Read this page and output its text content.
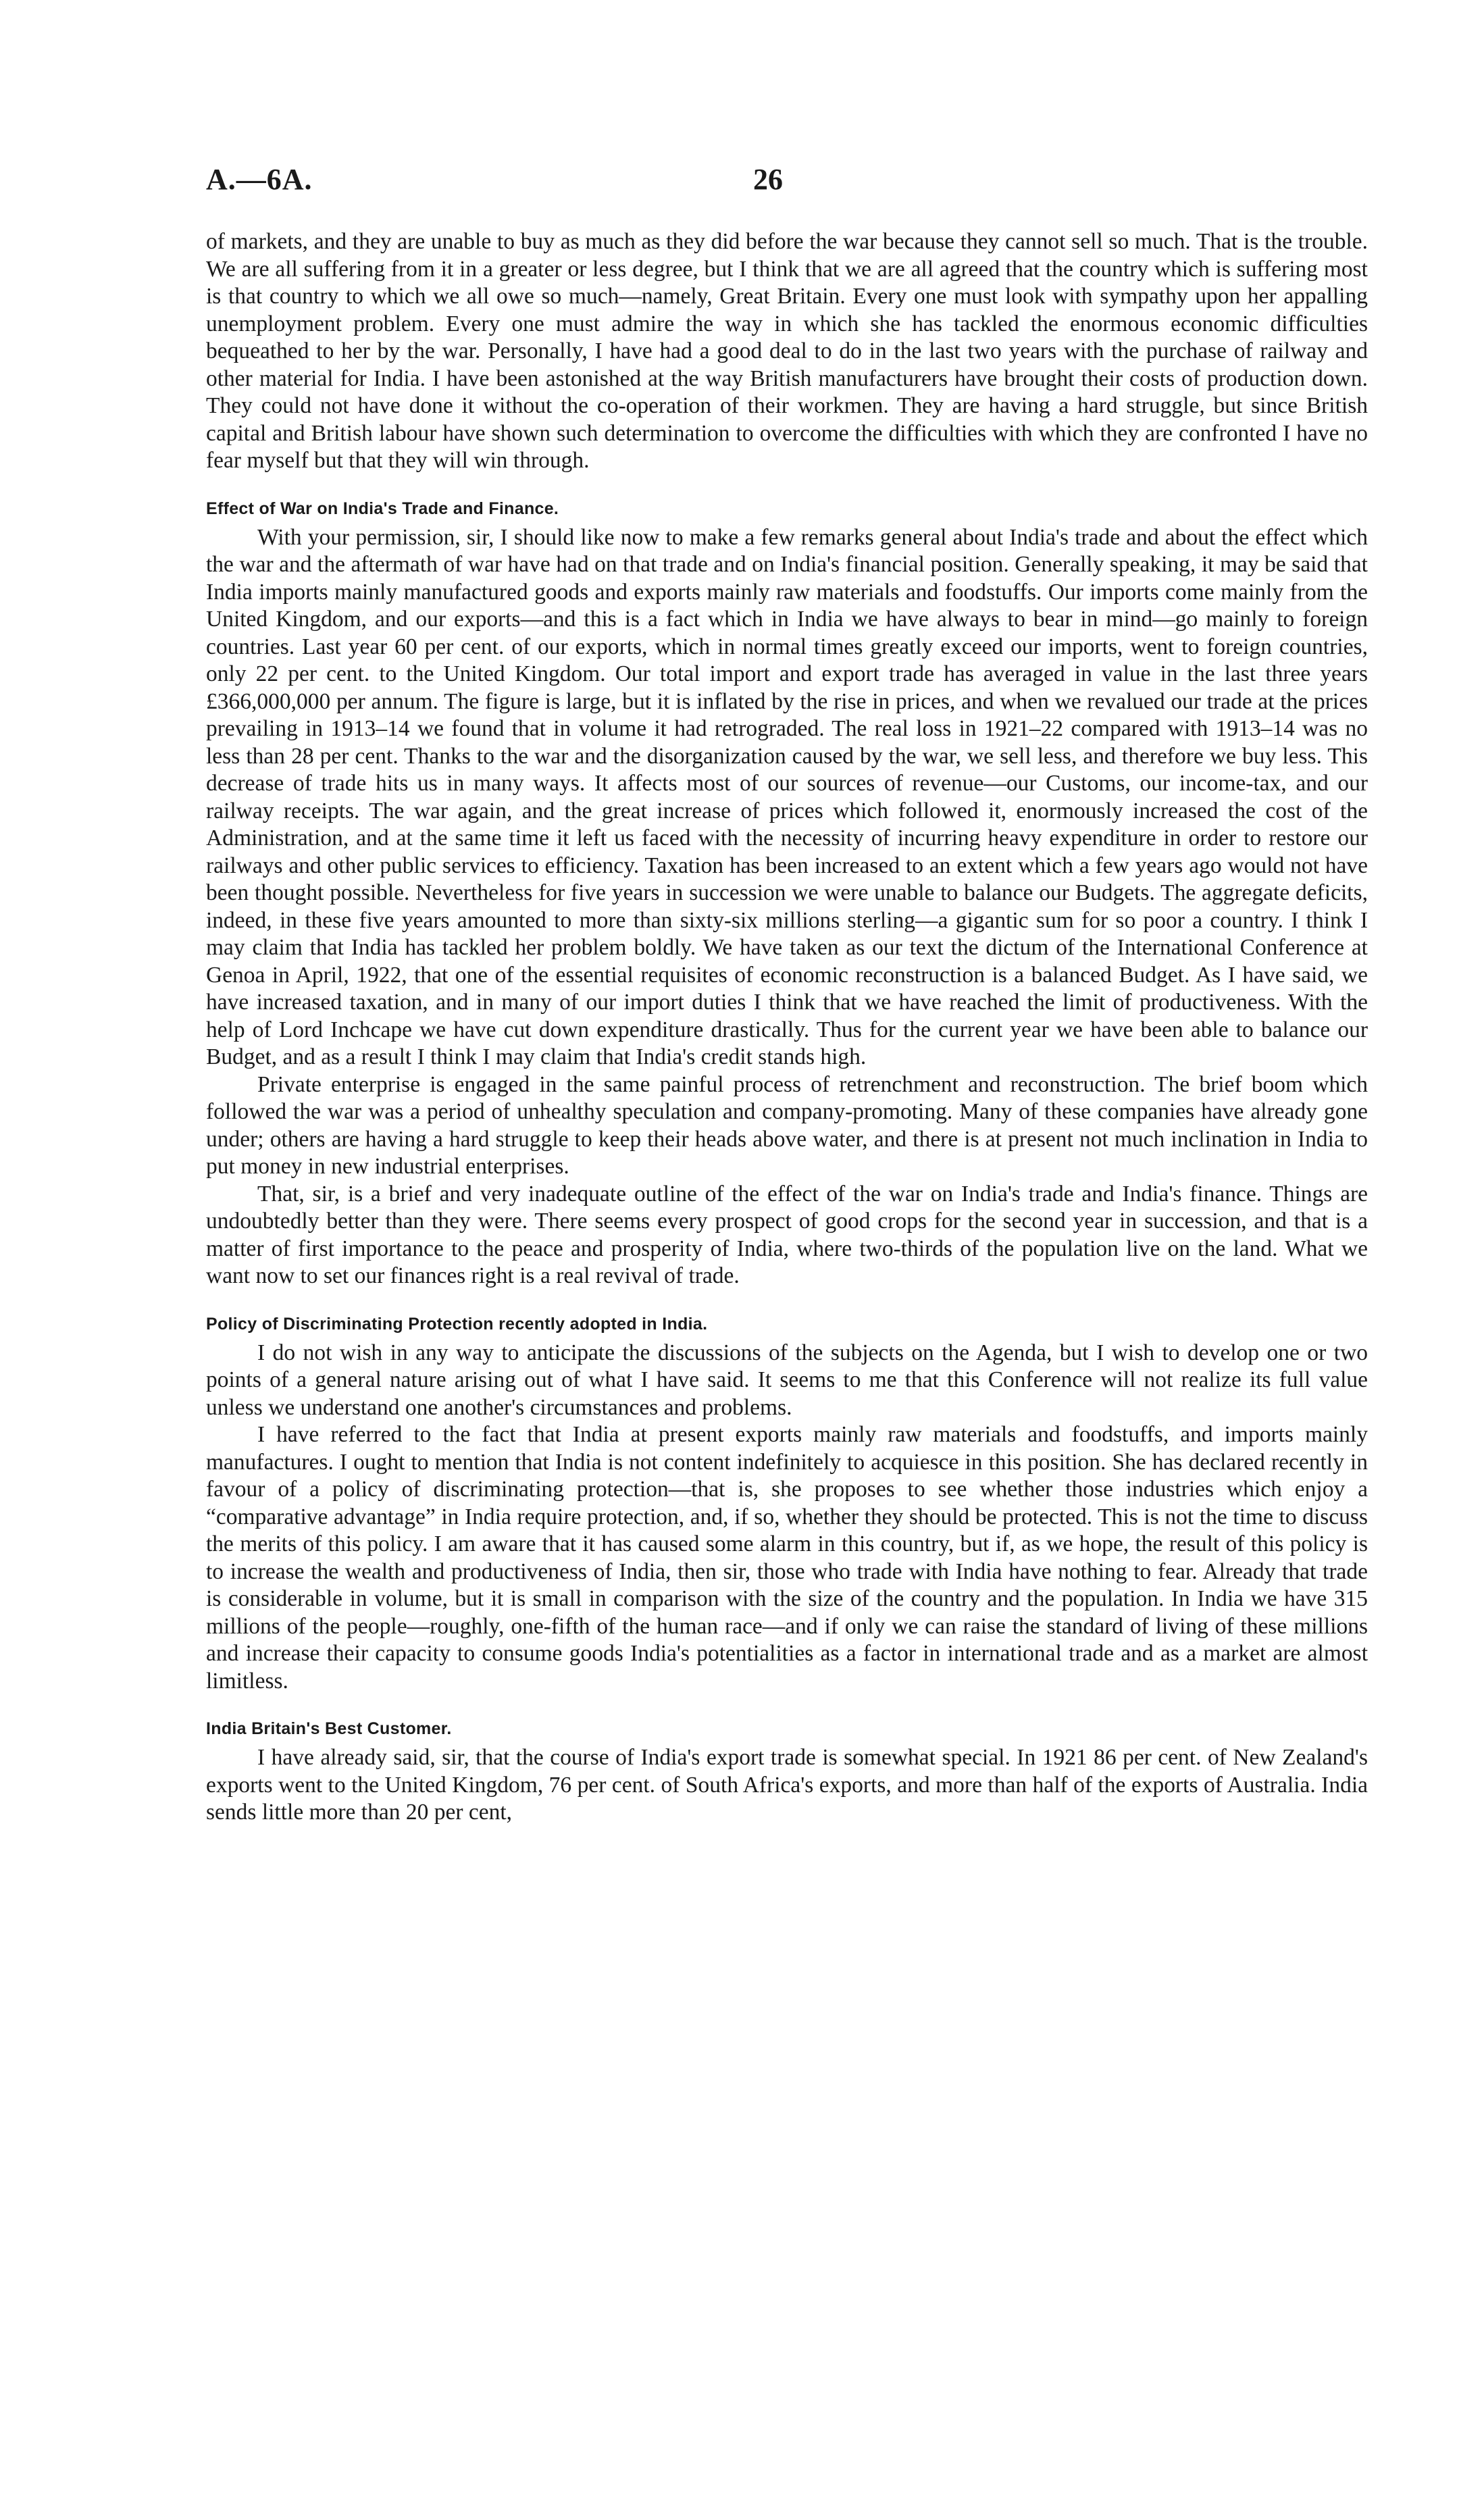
A.—6A.	26

of markets, and they are unable to buy as much as they did before the war because they cannot sell so much. That is the trouble. We are all suffering from it in a greater or less degree, but I think that we are all agreed that the country which is suffering most is that country to which we all owe so much—namely, Great Britain. Every one must look with sympathy upon her appalling unemployment problem. Every one must admire the way in which she has tackled the enormous economic difficulties bequeathed to her by the war. Personally, I have had a good deal to do in the last two years with the purchase of railway and other material for India. I have been astonished at the way British manufacturers have brought their costs of production down. They could not have done it without the co-operation of their workmen. They are having a hard struggle, but since British capital and British labour have shown such determination to overcome the difficulties with which they are confronted I have no fear myself but that they will win through.

Effect of War on India's Trade and Finance.

With your permission, sir, I should like now to make a few remarks general about India's trade and about the effect which the war and the aftermath of war have had on that trade and on India's financial position. Generally speaking, it may be said that India imports mainly manufactured goods and exports mainly raw materials and foodstuffs. Our imports come mainly from the United Kingdom, and our exports—and this is a fact which in India we have always to bear in mind—go mainly to foreign countries. Last year 60 per cent. of our exports, which in normal times greatly exceed our imports, went to foreign countries, only 22 per cent. to the United Kingdom. Our total import and export trade has averaged in value in the last three years £366,000,000 per annum. The figure is large, but it is inflated by the rise in prices, and when we revalued our trade at the prices prevailing in 1913–14 we found that in volume it had retrograded. The real loss in 1921–22 compared with 1913–14 was no less than 28 per cent. Thanks to the war and the disorganization caused by the war, we sell less, and therefore we buy less. This decrease of trade hits us in many ways. It affects most of our sources of revenue—our Customs, our income-tax, and our railway receipts. The war again, and the great increase of prices which followed it, enormously increased the cost of the Administration, and at the same time it left us faced with the necessity of incurring heavy expenditure in order to restore our railways and other public services to efficiency. Taxation has been increased to an extent which a few years ago would not have been thought possible. Nevertheless for five years in succession we were unable to balance our Budgets. The aggregate deficits, indeed, in these five years amounted to more than sixty-six millions sterling—a gigantic sum for so poor a country. I think I may claim that India has tackled her problem boldly. We have taken as our text the dictum of the International Conference at Genoa in April, 1922, that one of the essential requisites of economic reconstruction is a balanced Budget. As I have said, we have increased taxation, and in many of our import duties I think that we have reached the limit of productiveness. With the help of Lord Inchcape we have cut down expenditure drastically. Thus for the current year we have been able to balance our Budget, and as a result I think I may claim that India's credit stands high.

Private enterprise is engaged in the same painful process of retrenchment and reconstruction. The brief boom which followed the war was a period of unhealthy speculation and company-promoting. Many of these companies have already gone under; others are having a hard struggle to keep their heads above water, and there is at present not much inclination in India to put money in new industrial enterprises.

That, sir, is a brief and very inadequate outline of the effect of the war on India's trade and India's finance. Things are undoubtedly better than they were. There seems every prospect of good crops for the second year in succession, and that is a matter of first importance to the peace and prosperity of India, where two-thirds of the population live on the land. What we want now to set our finances right is a real revival of trade.

Policy of Discriminating Protection recently adopted in India.

I do not wish in any way to anticipate the discussions of the subjects on the Agenda, but I wish to develop one or two points of a general nature arising out of what I have said. It seems to me that this Conference will not realize its full value unless we understand one another's circumstances and problems.

I have referred to the fact that India at present exports mainly raw materials and foodstuffs, and imports mainly manufactures. I ought to mention that India is not content indefinitely to acquiesce in this position. She has declared recently in favour of a policy of discriminating protection—that is, she proposes to see whether those industries which enjoy a “comparative advantage” in India require protection, and, if so, whether they should be protected. This is not the time to discuss the merits of this policy. I am aware that it has caused some alarm in this country, but if, as we hope, the result of this policy is to increase the wealth and productiveness of India, then sir, those who trade with India have nothing to fear. Already that trade is considerable in volume, but it is small in comparison with the size of the country and the population. In India we have 315 millions of the people—roughly, one-fifth of the human race—and if only we can raise the standard of living of these millions and increase their capacity to consume goods India's potentialities as a factor in international trade and as a market are almost limitless.

India Britain's Best Customer.

I have already said, sir, that the course of India's export trade is somewhat special. In 1921 86 per cent. of New Zealand's exports went to the United Kingdom, 76 per cent. of South Africa's exports, and more than half of the exports of Australia. India sends little more than 20 per cent,
